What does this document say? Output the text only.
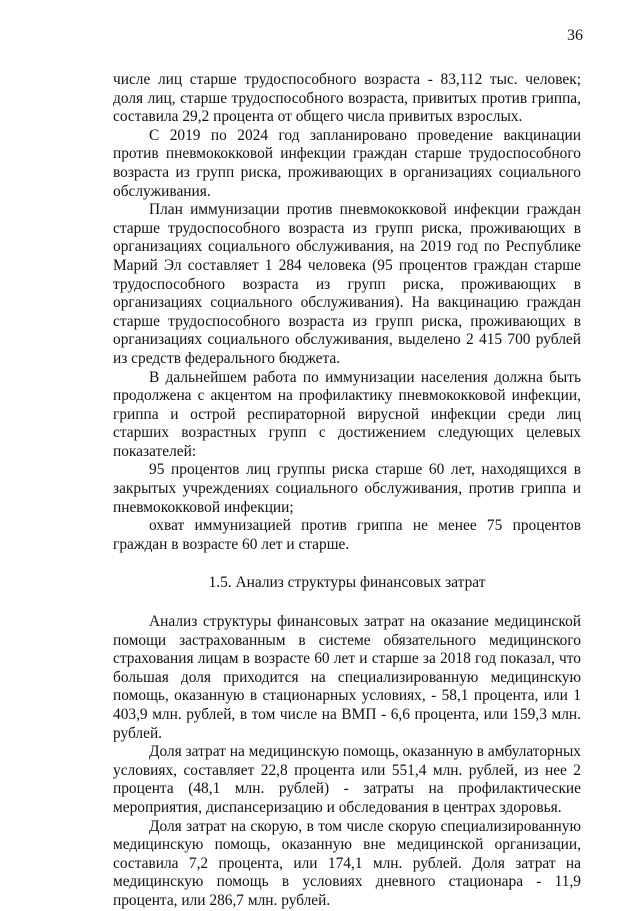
36

числе лиц старше трудоспособного возраста - 83,112 тыс. человек; доля лиц, старше трудоспособного возраста, привитых против гриппа, составила 29,2 процента от общего числа привитых взрослых.

С 2019 по 2024 год запланировано проведение вакцинации против пневмококковой инфекции граждан старше трудоспособного возраста из групп риска, проживающих в организациях социального обслуживания.

План иммунизации против пневмококковой инфекции граждан старше трудоспособного возраста из групп риска, проживающих в организациях социального обслуживания, на 2019 год по Республике Марий Эл составляет 1 284 человека (95 процентов граждан старше трудоспособного возраста из групп риска, проживающих в организациях социального обслуживания). На вакцинацию граждан старше трудоспособного возраста из групп риска, проживающих в организациях социального обслуживания, выделено 2 415 700 рублей из средств федерального бюджета.

В дальнейшем работа по иммунизации населения должна быть продолжена с акцентом на профилактику пневмококковой инфекции, гриппа и острой респираторной вирусной инфекции среди лиц старших возрастных групп с достижением следующих целевых показателей:

95 процентов лиц группы риска старше 60 лет, находящихся в закрытых учреждениях социального обслуживания, против гриппа и пневмококковой инфекции;

охват иммунизацией против гриппа не менее 75 процентов граждан в возрасте 60 лет и старше.

1.5. Анализ структуры финансовых затрат

Анализ структуры финансовых затрат на оказание медицинской помощи застрахованным в системе обязательного медицинского страхования лицам в возрасте 60 лет и старше за 2018 год показал, что большая доля приходится на специализированную медицинскую помощь, оказанную в стационарных условиях, - 58,1 процента, или 1 403,9 млн. рублей, в том числе на ВМП - 6,6 процента, или 159,3 млн. рублей.

Доля затрат на медицинскую помощь, оказанную в амбулаторных условиях, составляет 22,8 процента или 551,4 млн. рублей, из нее 2 процента (48,1 млн. рублей) - затраты на профилактические мероприятия, диспансеризацию и обследования в центрах здоровья.

Доля затрат на скорую, в том числе скорую специализированную медицинскую помощь, оказанную вне медицинской организации, составила 7,2 процента, или 174,1 млн. рублей. Доля затрат на медицинскую помощь в условиях дневного стационара - 11,9 процента, или 286,7 млн. рублей.
